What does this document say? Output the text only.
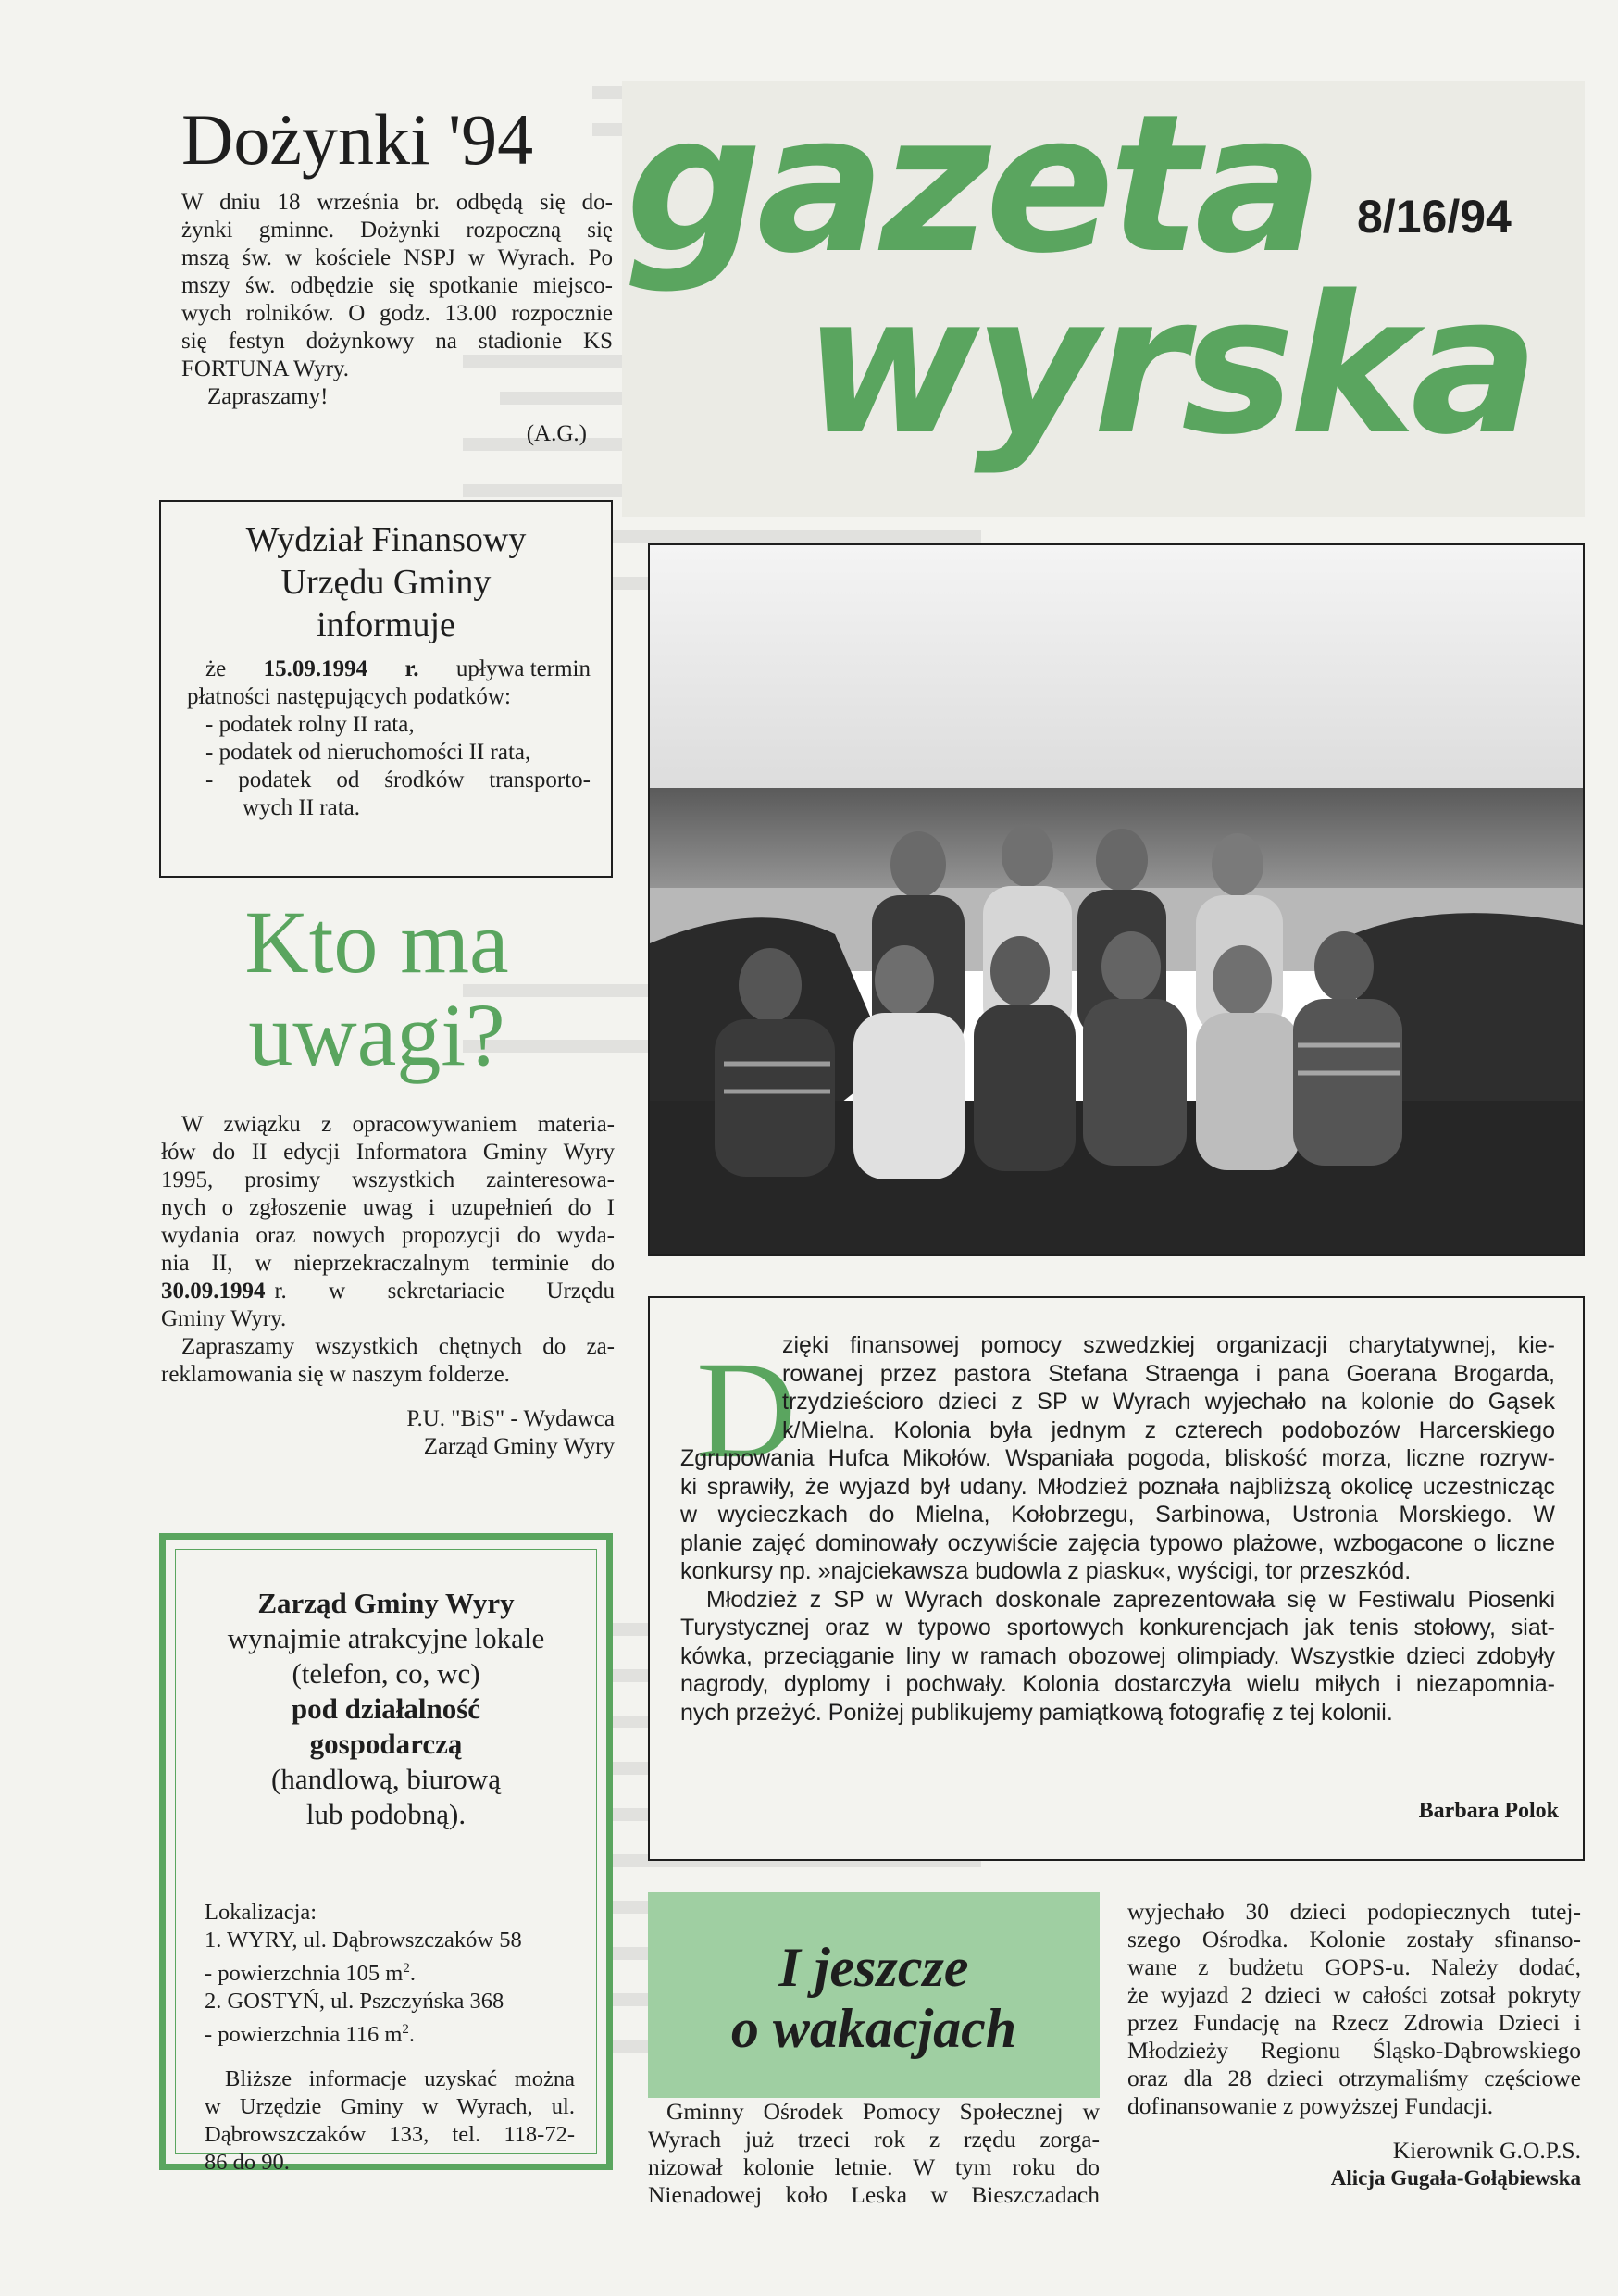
gazeta
wyrska
8/16/94
Dożynki '94

W dniu 18 września br. odbędą się do-

żynki gminne. Dożynki rozpoczną się

mszą św. w kościele NSPJ w Wyrach. Po

mszy św. odbędzie się spotkanie miejsco-

wych rolników. O godz. 13.00 rozpocznie

się festyn dożynkowy na stadionie KS

FORTUNA Wyry.

Zapraszamy!

(A.G.)

Wydział Finansowy
Urzędu Gminy
informuje

że 15.09.1994 r. upływa termin

płatności następujących podatków:

- podatek rolny II rata,

- podatek od nieruchomości II rata,

- podatek od środków transporto-

wych II rata.

Kto ma
uwagi?

W związku z opracowywaniem materia-

łów do II edycji Informatora Gminy Wyry

1995, prosimy wszystkich zainteresowa-

nych o zgłoszenie uwag i uzupełnień do I

wydania oraz nowych propozycji do wyda-

nia II, w nieprzekraczalnym terminie do

30.09.1994 r. w sekretariacie Urzędu

Gminy Wyry.

Zapraszamy wszystkich chętnych do za-

reklamowania się w naszym folderze.

P.U. "BiS" - Wydawca

Zarząd Gminy Wyry

Zarząd Gminy Wyry
wynajmie atrakcyjne lokale
(telefon, co, wc)
pod działalność
gospodarczą
(handlową, biurową
lub podobną).

Lokalizacja:

1. WYRY, ul. Dąbrowszczaków 58

- powierzchnia 105 $m^2$.

2. GOSTYŃ, ul. Pszczyńska 368

- powierzchnia 116 $m^2$.

Bliższe informacje uzyskać można

w Urzędzie Gminy w Wyrach, ul.

Dąbrowszczaków 133, tel. 118-72-

86 do 90.

D

zięki finansowej pomocy szwedzkiej organizacji charytatywnej, kie-

rowanej przez pastora Stefana Straenga i pana Goerana Brogarda,

trzydzieścioro dzieci z SP w Wyrach wyjechało na kolonie do Gąsek

k/Mielna. Kolonia była jednym z czterech podobozów Harcerskiego

Zgrupowania Hufca Mikołów. Wspaniała pogoda, bliskość morza, liczne rozryw-

ki sprawiły, że wyjazd był udany. Młodzież poznała najbliższą okolicę uczestnicząc

w wycieczkach do Mielna, Kołobrzegu, Sarbinowa, Ustronia Morskiego. W

planie zajęć dominowały oczywiście zajęcia typowo plażowe, wzbogacone o liczne

konkursy np. »najciekawsza budowla z piasku«, wyścigi, tor przeszkód.

Młodzież z SP w Wyrach doskonale zaprezentowała się w Festiwalu Piosenki

Turystycznej oraz w typowo sportowych konkurencjach jak tenis stołowy, siat-

kówka, przeciąganie liny w ramach obozowej olimpiady. Wszystkie dzieci zdobyły

nagrody, dyplomy i pochwały. Kolonia dostarczyła wielu miłych i niezapomnia-

nych przeżyć. Poniżej publikujemy pamiątkową fotografię z tej kolonii.

Barbara Polok
I jeszcze
o wakacjach

Gminny Ośrodek Pomocy Społecznej w

Wyrach już trzeci rok z rzędu zorga-

nizował kolonie letnie. W tym roku do

Nienadowej koło Leska w Bieszczadach

wyjechało 30 dzieci podopiecznych tutej-

szego Ośrodka. Kolonie zostały sfinanso-

wane z budżetu GOPS-u. Należy dodać,

że wyjazd 2 dzieci w całości zotsał pokryty

przez Fundację na Rzecz Zdrowia Dzieci i

Młodzieży Regionu Śląsko-Dąbrowskiego

oraz dla 28 dzieci otrzymaliśmy częściowe

dofinansowanie z powyższej Fundacji.

Kierownik G.O.P.S.

Alicja Gugała-Gołąbiewska
